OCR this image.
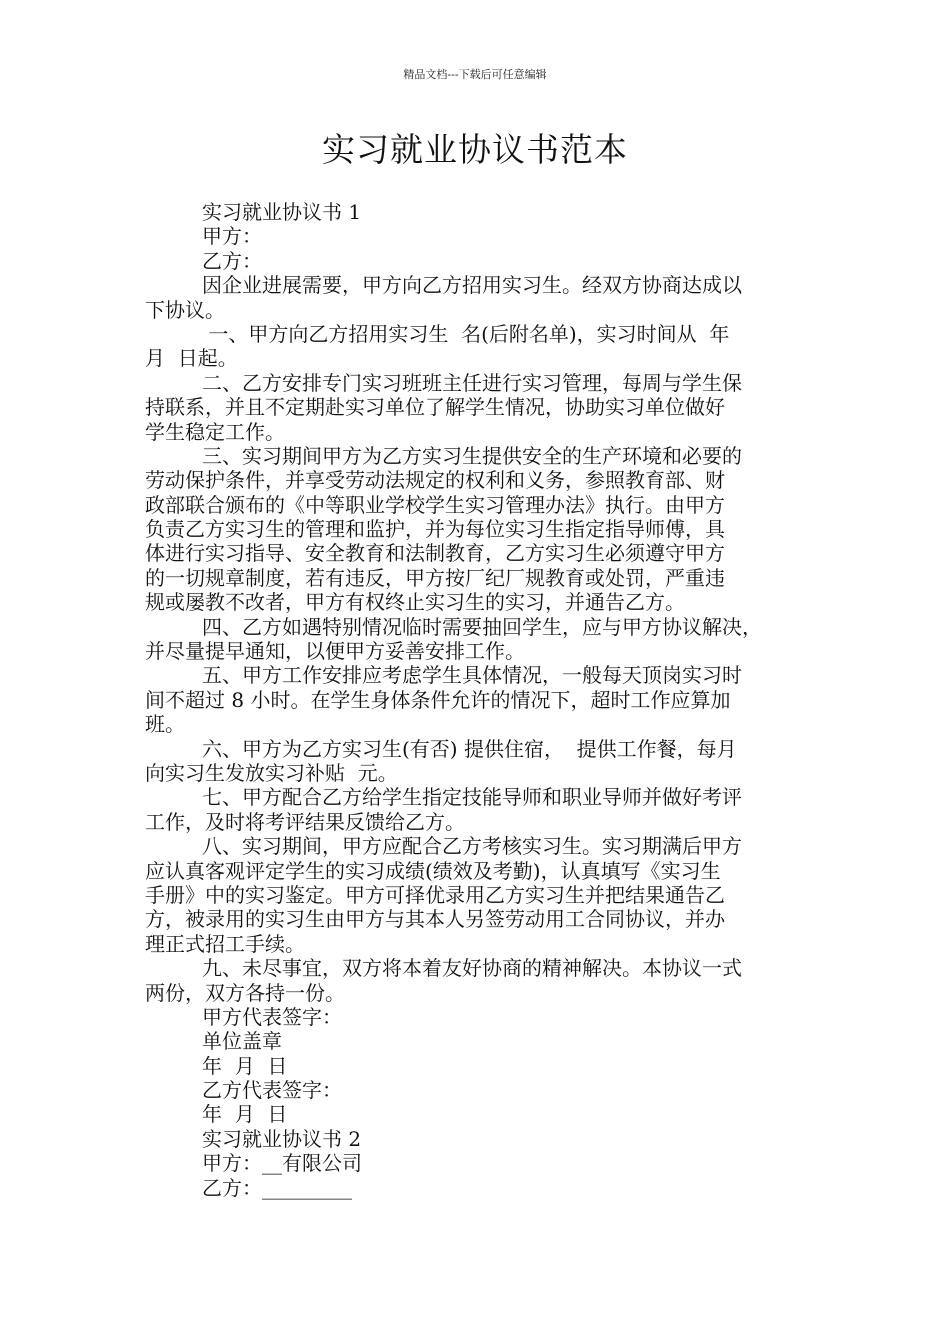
精品文档---下载后可任意编辑
实习就业协议书范本
实习就业协议书 1
甲方：
乙方：
因企业进展需要，甲方向乙方招用实习生。经双方协商达成以
下协议。
一、甲方向乙方招用实习生  名(后附名单)，实习时间从  年
月  日起。
二、乙方安排专门实习班班主任进行实习管理，每周与学生保
持联系，并且不定期赴实习单位了解学生情况，协助实习单位做好
学生稳定工作。
三、实习期间甲方为乙方实习生提供安全的生产环境和必要的
劳动保护条件，并享受劳动法规定的权利和义务，参照教育部、财
政部联合颁布的《中等职业学校学生实习管理办法》执行。由甲方
负责乙方实习生的管理和监护，并为每位实习生指定指导师傅，具
体进行实习指导、安全教育和法制教育，乙方实习生必须遵守甲方
的一切规章制度，若有违反，甲方按厂纪厂规教育或处罚，严重违
规或屡教不改者，甲方有权终止实习生的实习，并通告乙方。
四、乙方如遇特别情况临时需要抽回学生，应与甲方协议解决，
并尽量提早通知，以便甲方妥善安排工作。
五、甲方工作安排应考虑学生具体情况，一般每天顶岗实习时
间不超过 8 小时。在学生身体条件允许的情况下，超时工作应算加
班。
六、甲方为乙方实习生(有否) 提供住宿，  提供工作餐，每月
向实习生发放实习补贴  元。
七、甲方配合乙方给学生指定技能导师和职业导师并做好考评
工作，及时将考评结果反馈给乙方。
八、实习期间，甲方应配合乙方考核实习生。实习期满后甲方
应认真客观评定学生的实习成绩(绩效及考勤)，认真填写《实习生
手册》中的实习鉴定。甲方可择优录用乙方实习生并把结果通告乙
方，被录用的实习生由甲方与其本人另签劳动用工合同协议，并办
理正式招工手续。
九、未尽事宜，双方将本着友好协商的精神解决。本协议一式
两份，双方各持一份。
甲方代表签字：
单位盖章
年  月  日
乙方代表签字：
年  月  日
实习就业协议书 2
甲方：__有限公司
乙方：_________
